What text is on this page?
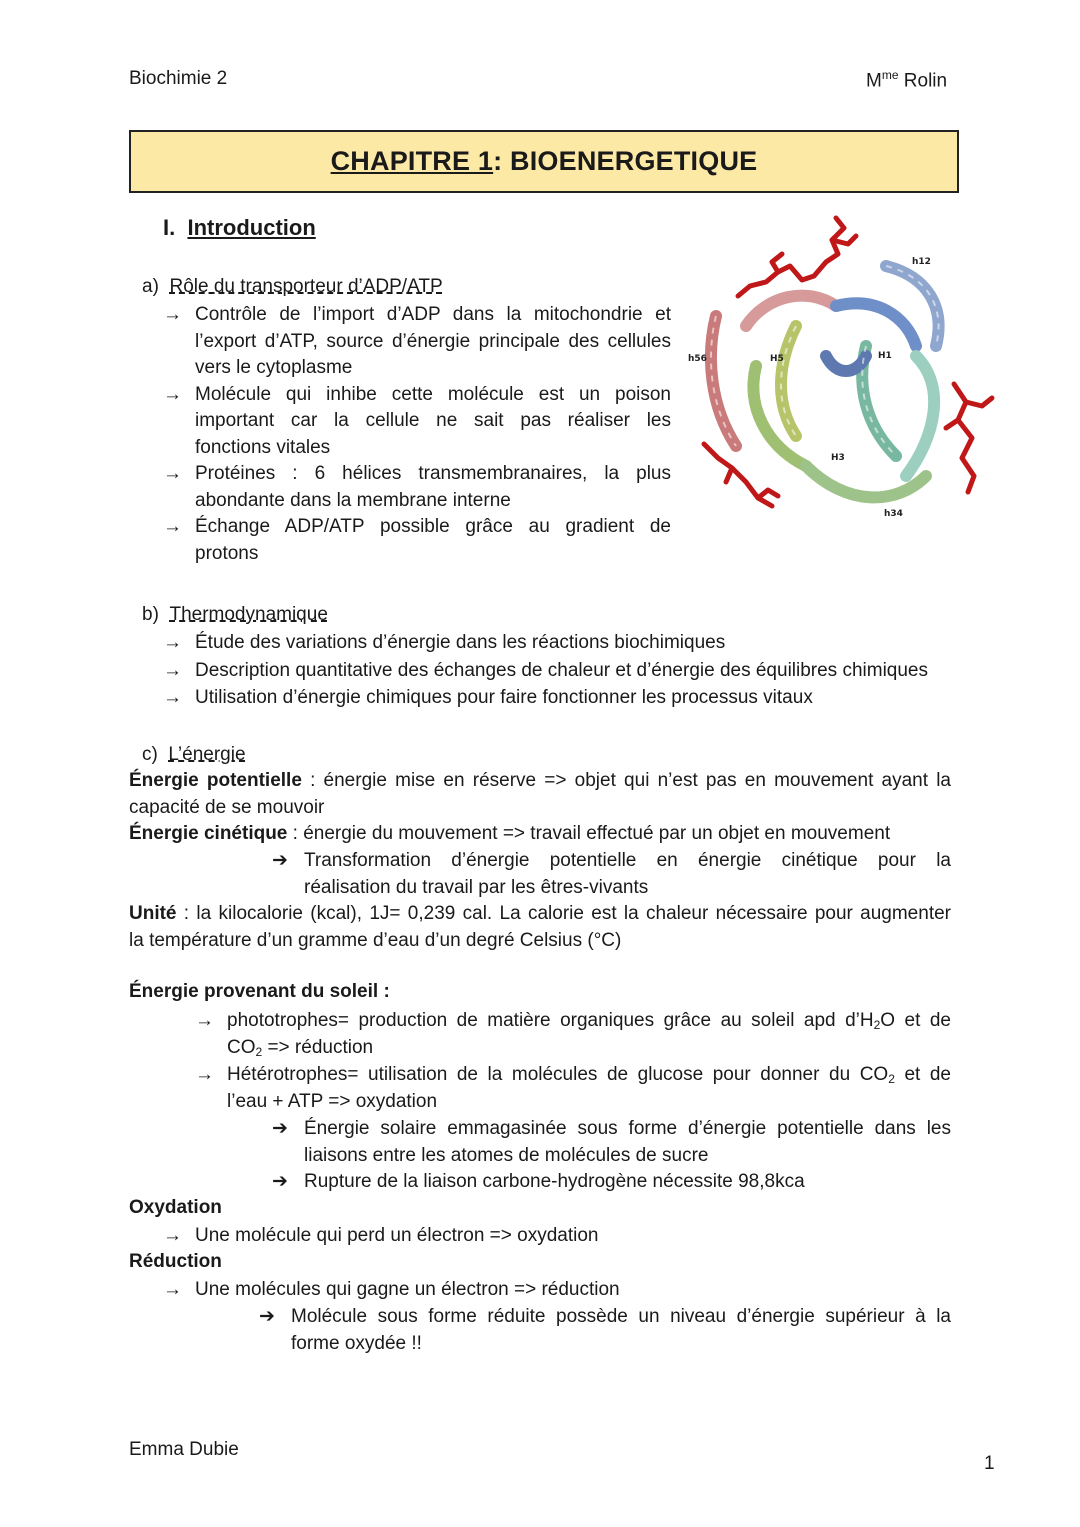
Biochimie 2	$M^{me}$ Rolin
CHAPITRE 1 : BIOENERGETIQUE
I. Introduction
a) Rôle du transporteur d’ADP/ATP
→ Contrôle de l’import d’ADP dans la mitochondrie et
l’export d’ATP, source d’énergie principale des cellules
vers le cytoplasme
→ Molécule qui inhibe cette molécule est un poison
important car la cellule ne sait pas réaliser les
fonctions vitales
→ Protéines : 6 hélices transmembranaires, la plus
abondante dans la membrane interne
→ Échange ADP/ATP possible grâce au gradient de
protons
h12
h56	H5	H1
H3
h34
b) Thermodynamique
→ Étude des variations d’énergie dans les réactions biochimiques
→ Description quantitative des échanges de chaleur et d’énergie des équilibres chimiques
→ Utilisation d’énergie chimiques pour faire fonctionner les processus vitaux
c) L’énergie
Énergie potentielle : énergie mise en réserve => objet qui n’est pas en mouvement ayant la
capacité de se mouvoir
Énergie cinétique : énergie du mouvement => travail effectué par un objet en mouvement
➔ Transformation d’énergie potentielle en énergie cinétique pour la
réalisation du travail par les êtres-vivants
Unité : la kilocalorie (kcal), 1J= 0,239 cal. La calorie est la chaleur nécessaire pour augmenter
la température d’un gramme d’eau d’un degré Celsius (°C)
Énergie provenant du soleil :
→ phototrophes= production de matière organiques grâce au soleil apd $d’H_2O$ et de
$CO_2$ => réduction
→ Hétérotrophes= utilisation de la molécules de glucose pour donner du $CO_2$ et de
l’eau + ATP => oxydation
➔ Énergie solaire emmagasinée sous forme d’énergie potentielle dans les
liaisons entre les atomes de molécules de sucre
➔ Rupture de la liaison carbone-hydrogène nécessite 98,8kca
Oxydation
→ Une molécule qui perd un électron => oxydation
Réduction
→ Une molécules qui gagne un électron => réduction
➔ Molécule sous forme réduite possède un niveau d’énergie supérieur à la
forme oxydée !!
Emma Dubie
1
